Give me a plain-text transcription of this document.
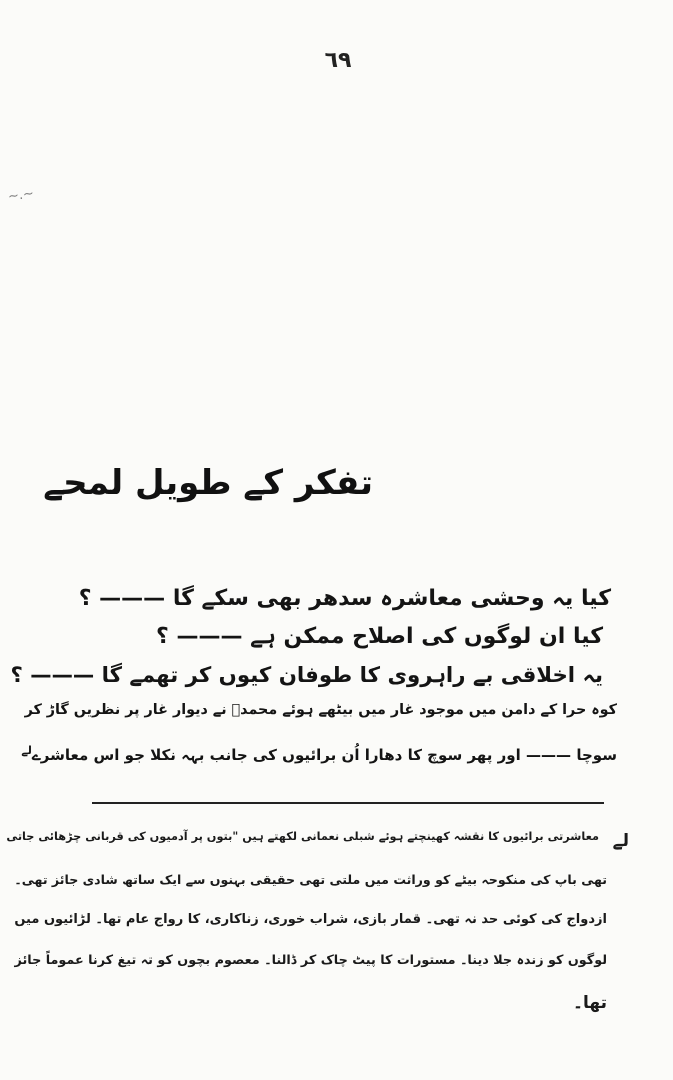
٦٩
~.~
تفکر کے طویل لمحے
کیا یہ وحشی معاشرہ سدھر بھی سکے گا ——— ؟
کیا ان لوگوں کی اصلاح ممکن ہے ——— ؟
یہ اخلاقی بے راہروی کا طوفان کیوں کر تھمے گا ——— ؟
کوہ حرا کے دامن میں موجود غار میں بیٹھے ہوئے محمدؐ نے دیوار غار پر نظریں گاڑ کر
سوچا ——— اور پھر سوچ کا دھارا اُن برائیوں کی جانب بہہ نکلا جو اس معاشرے$^{لے}$
لے
معاشرتی برائیوں کا نقشہ کھینچتے ہوئے شبلی نعمانی لکھتے ہیں "بتوں پر آدمیوں کی قربانی چڑھائی جاتی
تھی باپ کی منکوحہ بیٹے کو وراثت میں ملتی تھی حقیقی بہنوں سے ایک ساتھ شادی جائز تھی۔
ازدواج کی کوئی حد نہ تھی۔ قمار بازی، شراب خوری، زناکاری، کا رواج عام تھا۔ لڑائیوں میں
لوگوں کو زندہ جلا دینا۔ مستورات کا پیٹ چاک کر ڈالنا۔ معصوم بچوں کو تہ تیغ کرنا عموماً جائز
تھا۔
